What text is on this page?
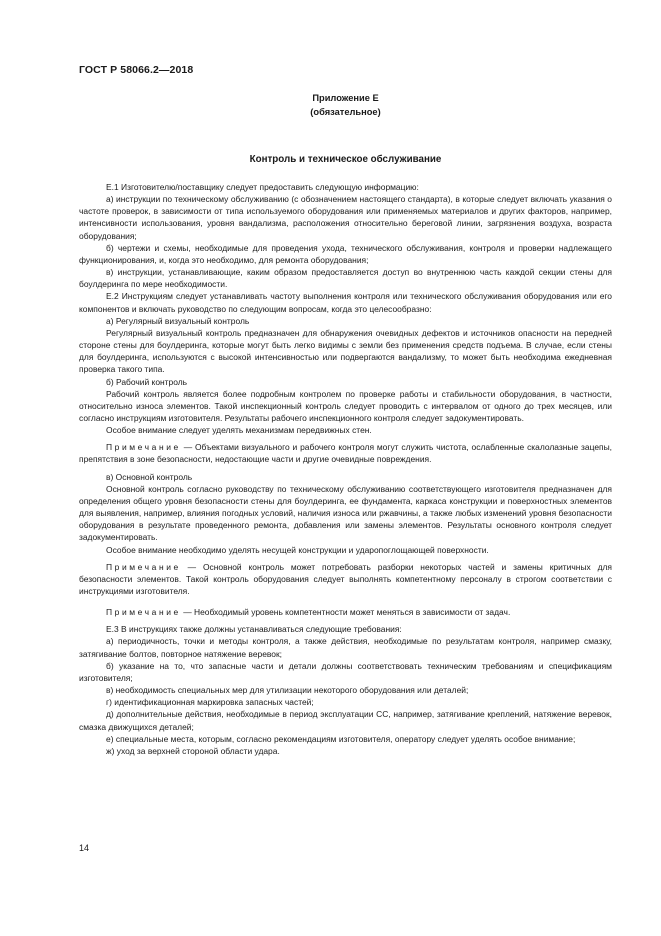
ГОСТ Р 58066.2—2018
Приложение Е
(обязательное)
Контроль и техническое обслуживание

Е.1 Изготовителю/поставщику следует предоставить следующую информацию:

а) инструкции по техническому обслуживанию (с обозначением настоящего стандарта), в которые следует включать указания о частоте проверок, в зависимости от типа используемого оборудования или применяемых материалов и других факторов, например, интенсивности использования, уровня вандализма, расположения относительно береговой линии, загрязнения воздуха, возраста оборудования;

б) чертежи и схемы, необходимые для проведения ухода, технического обслуживания, контроля и проверки надлежащего функционирования, и, когда это необходимо, для ремонта оборудования;

в) инструкции, устанавливающие, каким образом предоставляется доступ во внутреннюю часть каждой секции стены для боулдеринга по мере необходимости.

Е.2 Инструкциям следует устанавливать частоту выполнения контроля или технического обслуживания оборудования или его компонентов и включать руководство по следующим вопросам, когда это целесообразно:

а) Регулярный визуальный контроль

Регулярный визуальный контроль предназначен для обнаружения очевидных дефектов и источников опасности на передней стороне стены для боулдеринга, которые могут быть легко видимы с земли без применения средств подъема. В случае, если стены для боулдеринга, используются с высокой интенсивностью или подвергаются вандализму, то может быть необходима ежедневная проверка такого типа.

б) Рабочий контроль

Рабочий контроль является более подробным контролем по проверке работы и стабильности оборудования, в частности, относительно износа элементов. Такой инспекционный контроль следует проводить с интервалом от одного до трех месяцев, или согласно инструкциям изготовителя. Результаты рабочего инспекционного контроля следует задокументировать.

Особое внимание следует уделять механизмам передвижных стен.

Примечание — Объектами визуального и рабочего контроля могут служить чистота, ослабленные скалолазные зацепы, препятствия в зоне безопасности, недостающие части и другие очевидные повреждения.

в) Основной контроль

Основной контроль согласно руководству по техническому обслуживанию соответствующего изготовителя предназначен для определения общего уровня безопасности стены для боулдеринга, ее фундамента, каркаса конструкции и поверхностных элементов для выявления, например, влияния погодных условий, наличия износа или ржавчины, а также любых изменений уровня безопасности оборудования в результате проведенного ремонта, добавления или замены элементов. Результаты основного контроля следует задокументировать.

Особое внимание необходимо уделять несущей конструкции и ударопоглощающей поверхности.

Примечание — Основной контроль может потребовать разборки некоторых частей и замены критичных для безопасности элементов. Такой контроль оборудования следует выполнять компетентному персоналу в строгом соответствии с инструкциями изготовителя.

Примечание — Необходимый уровень компетентности может меняться в зависимости от задач.

Е.3 В инструкциях также должны устанавливаться следующие требования:

а) периодичность, точки и методы контроля, а также действия, необходимые по результатам контроля, например смазку, затягивание болтов, повторное натяжение веревок;

б) указание на то, что запасные части и детали должны соответствовать техническим требованиям и спецификациям изготовителя;

в) необходимость специальных мер для утилизации некоторого оборудования или деталей;

г) идентификационная маркировка запасных частей;

д) дополнительные действия, необходимые в период эксплуатации СС, например, затягивание креплений, натяжение веревок, смазка движущихся деталей;

е) специальные места, которым, согласно рекомендациям изготовителя, оператору следует уделять особое внимание;

ж) уход за верхней стороной области удара.

14
